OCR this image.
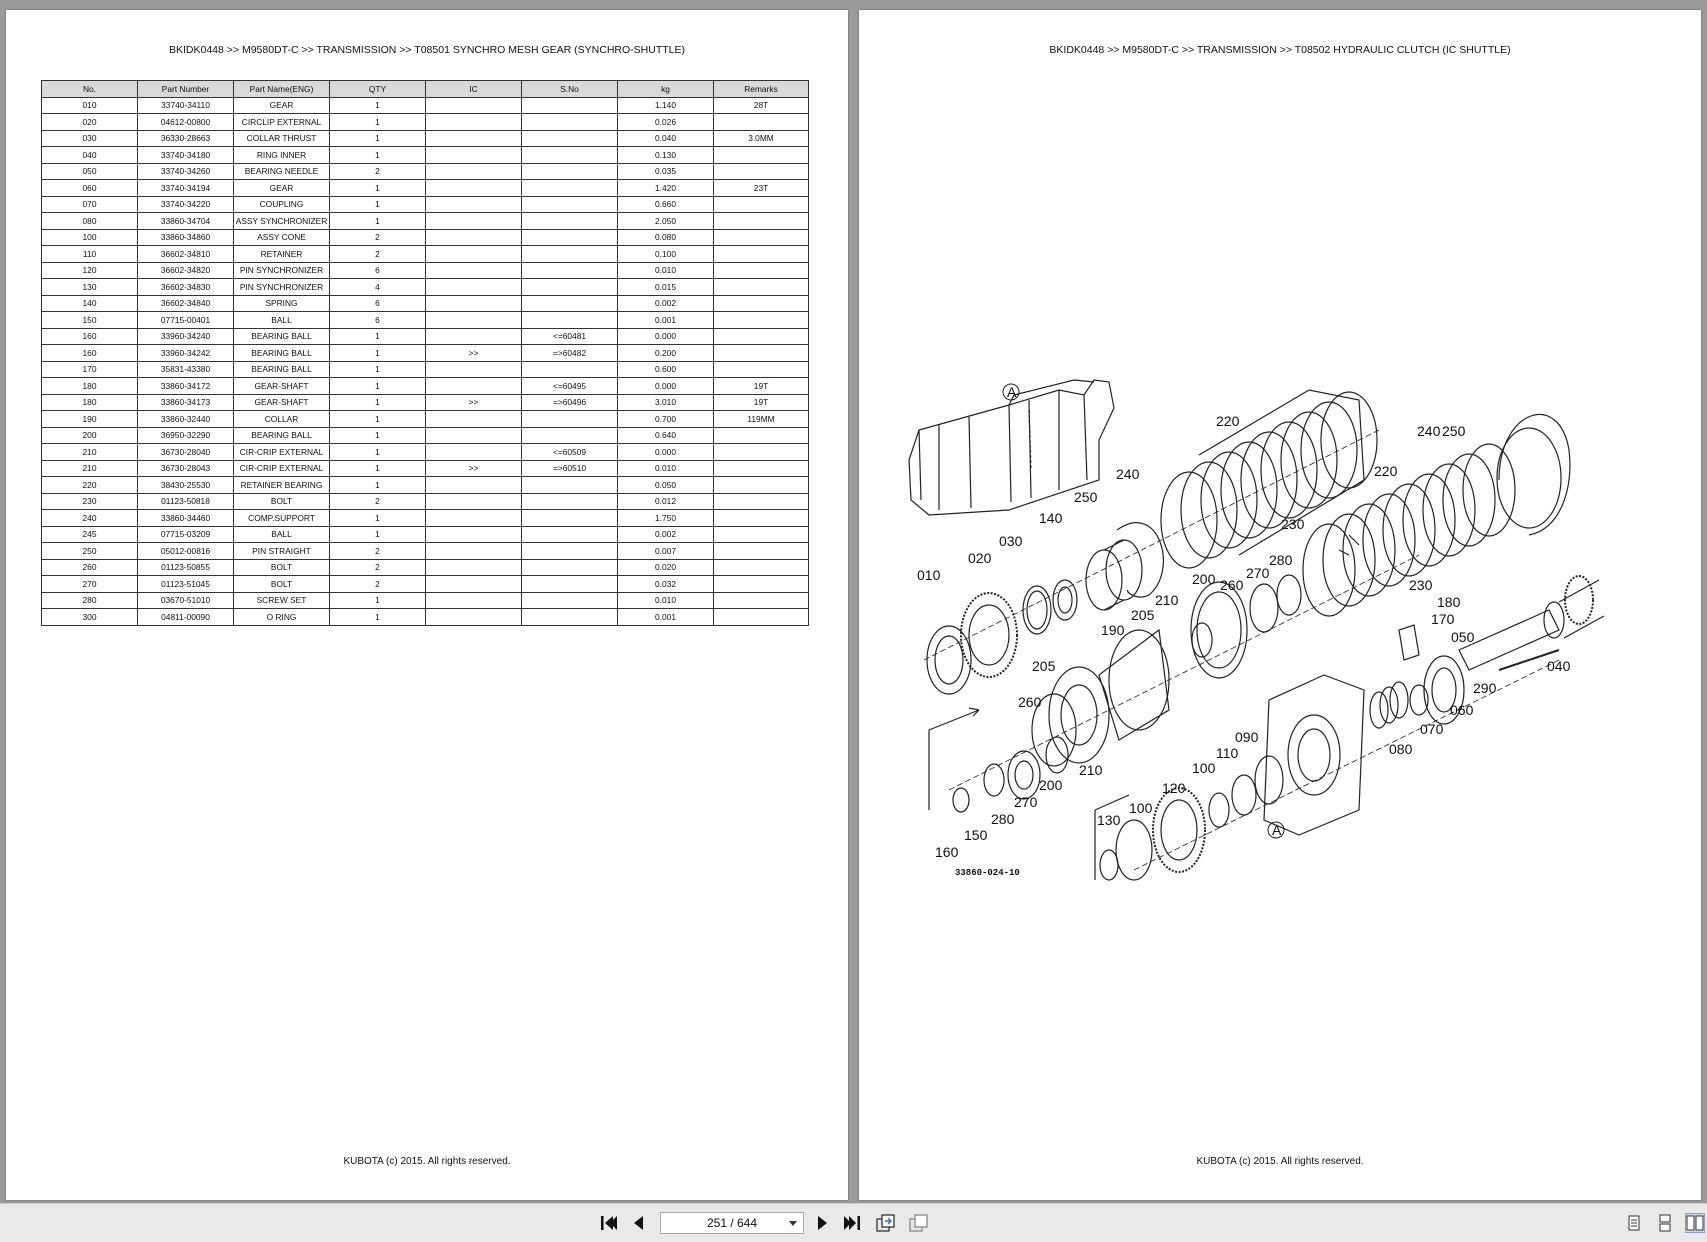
BKIDK0448 >> M9580DT-C >> TRANSMISSION >> T08501 SYNCHRO MESH GEAR (SYNCHRO-SHUTTLE)
No.	Part Number	Part Name(ENG)	QTY	IC	S.No	kg	Remarks
010	33740-34110	GEAR	1			1.140	28T
020	04612-00800	CIRCLIP EXTERNAL	1			0.026	
030	36330-28663	COLLAR THRUST	1			0.040	3.0MM
040	33740-34180	RING INNER	1			0.130	
050	33740-34260	BEARING NEEDLE	2			0.035	
060	33740-34194	GEAR	1			1.420	23T
070	33740-34220	COUPLING	1			0.660	
080	33860-34704	ASSY SYNCHRONIZER	1			2.050	
100	33860-34860	ASSY CONE	2			0.080	
110	36602-34810	RETAINER	2			0.100	
120	36602-34820	PIN SYNCHRONIZER	6			0.010	
130	36602-34830	PIN SYNCHRONIZER	4			0.015	
140	36602-34840	SPRING	6			0.002	
150	07715-00401	BALL	6			0.001	
160	33960-34240	BEARING BALL	1		<=60481	0.000	
160	33960-34242	BEARING BALL	1	>>	=>60482	0.200	
170	35831-43380	BEARING BALL	1			0.600	
180	33860-34172	GEAR-SHAFT	1		<=60495	0.000	19T
180	33860-34173	GEAR-SHAFT	1	>>	=>60496	3.010	19T
190	33860-32440	COLLAR	1			0.700	119MM
200	36950-32290	BEARING BALL	1			0.640	
210	36730-28040	CIR-CRIP EXTERNAL	1		<=60509	0.000	
210	36730-28043	CIR-CRIP EXTERNAL	1	>>	=>60510	0.010	
220	38430-25530	RETAINER BEARING	1			0.050	
230	01123-50818	BOLT	2			0.012	
240	33860-34460	COMP.SUPPORT	1			1.750	
245	07715-03209	BALL	1			0.002	
250	05012-00816	PIN STRAIGHT	2			0.007	
260	01123-50855	BOLT	2			0.020	
270	01123-51045	BOLT	2			0.032	
280	03670-51010	SCREW SET	1			0.010	
300	04811-00090	O RING	1			0.001	
KUBOTA (c) 2015. All rights reserved.
BKIDK0448 >> M9580DT-C >> TRANSMISSION >> T08502 HYDRAULIC CLUTCH (IC SHUTTLE)
A
A
010
020
030
140
250
240
220
230
250
240
220
230
280
270
260
200
210
205
190
205
180
170
050
040
290
060
070
080
090
110
100
120
100
130
210
260
200
270
280
150
160
33860-024-10
KUBOTA (c) 2015. All rights reserved.
251 / 644
